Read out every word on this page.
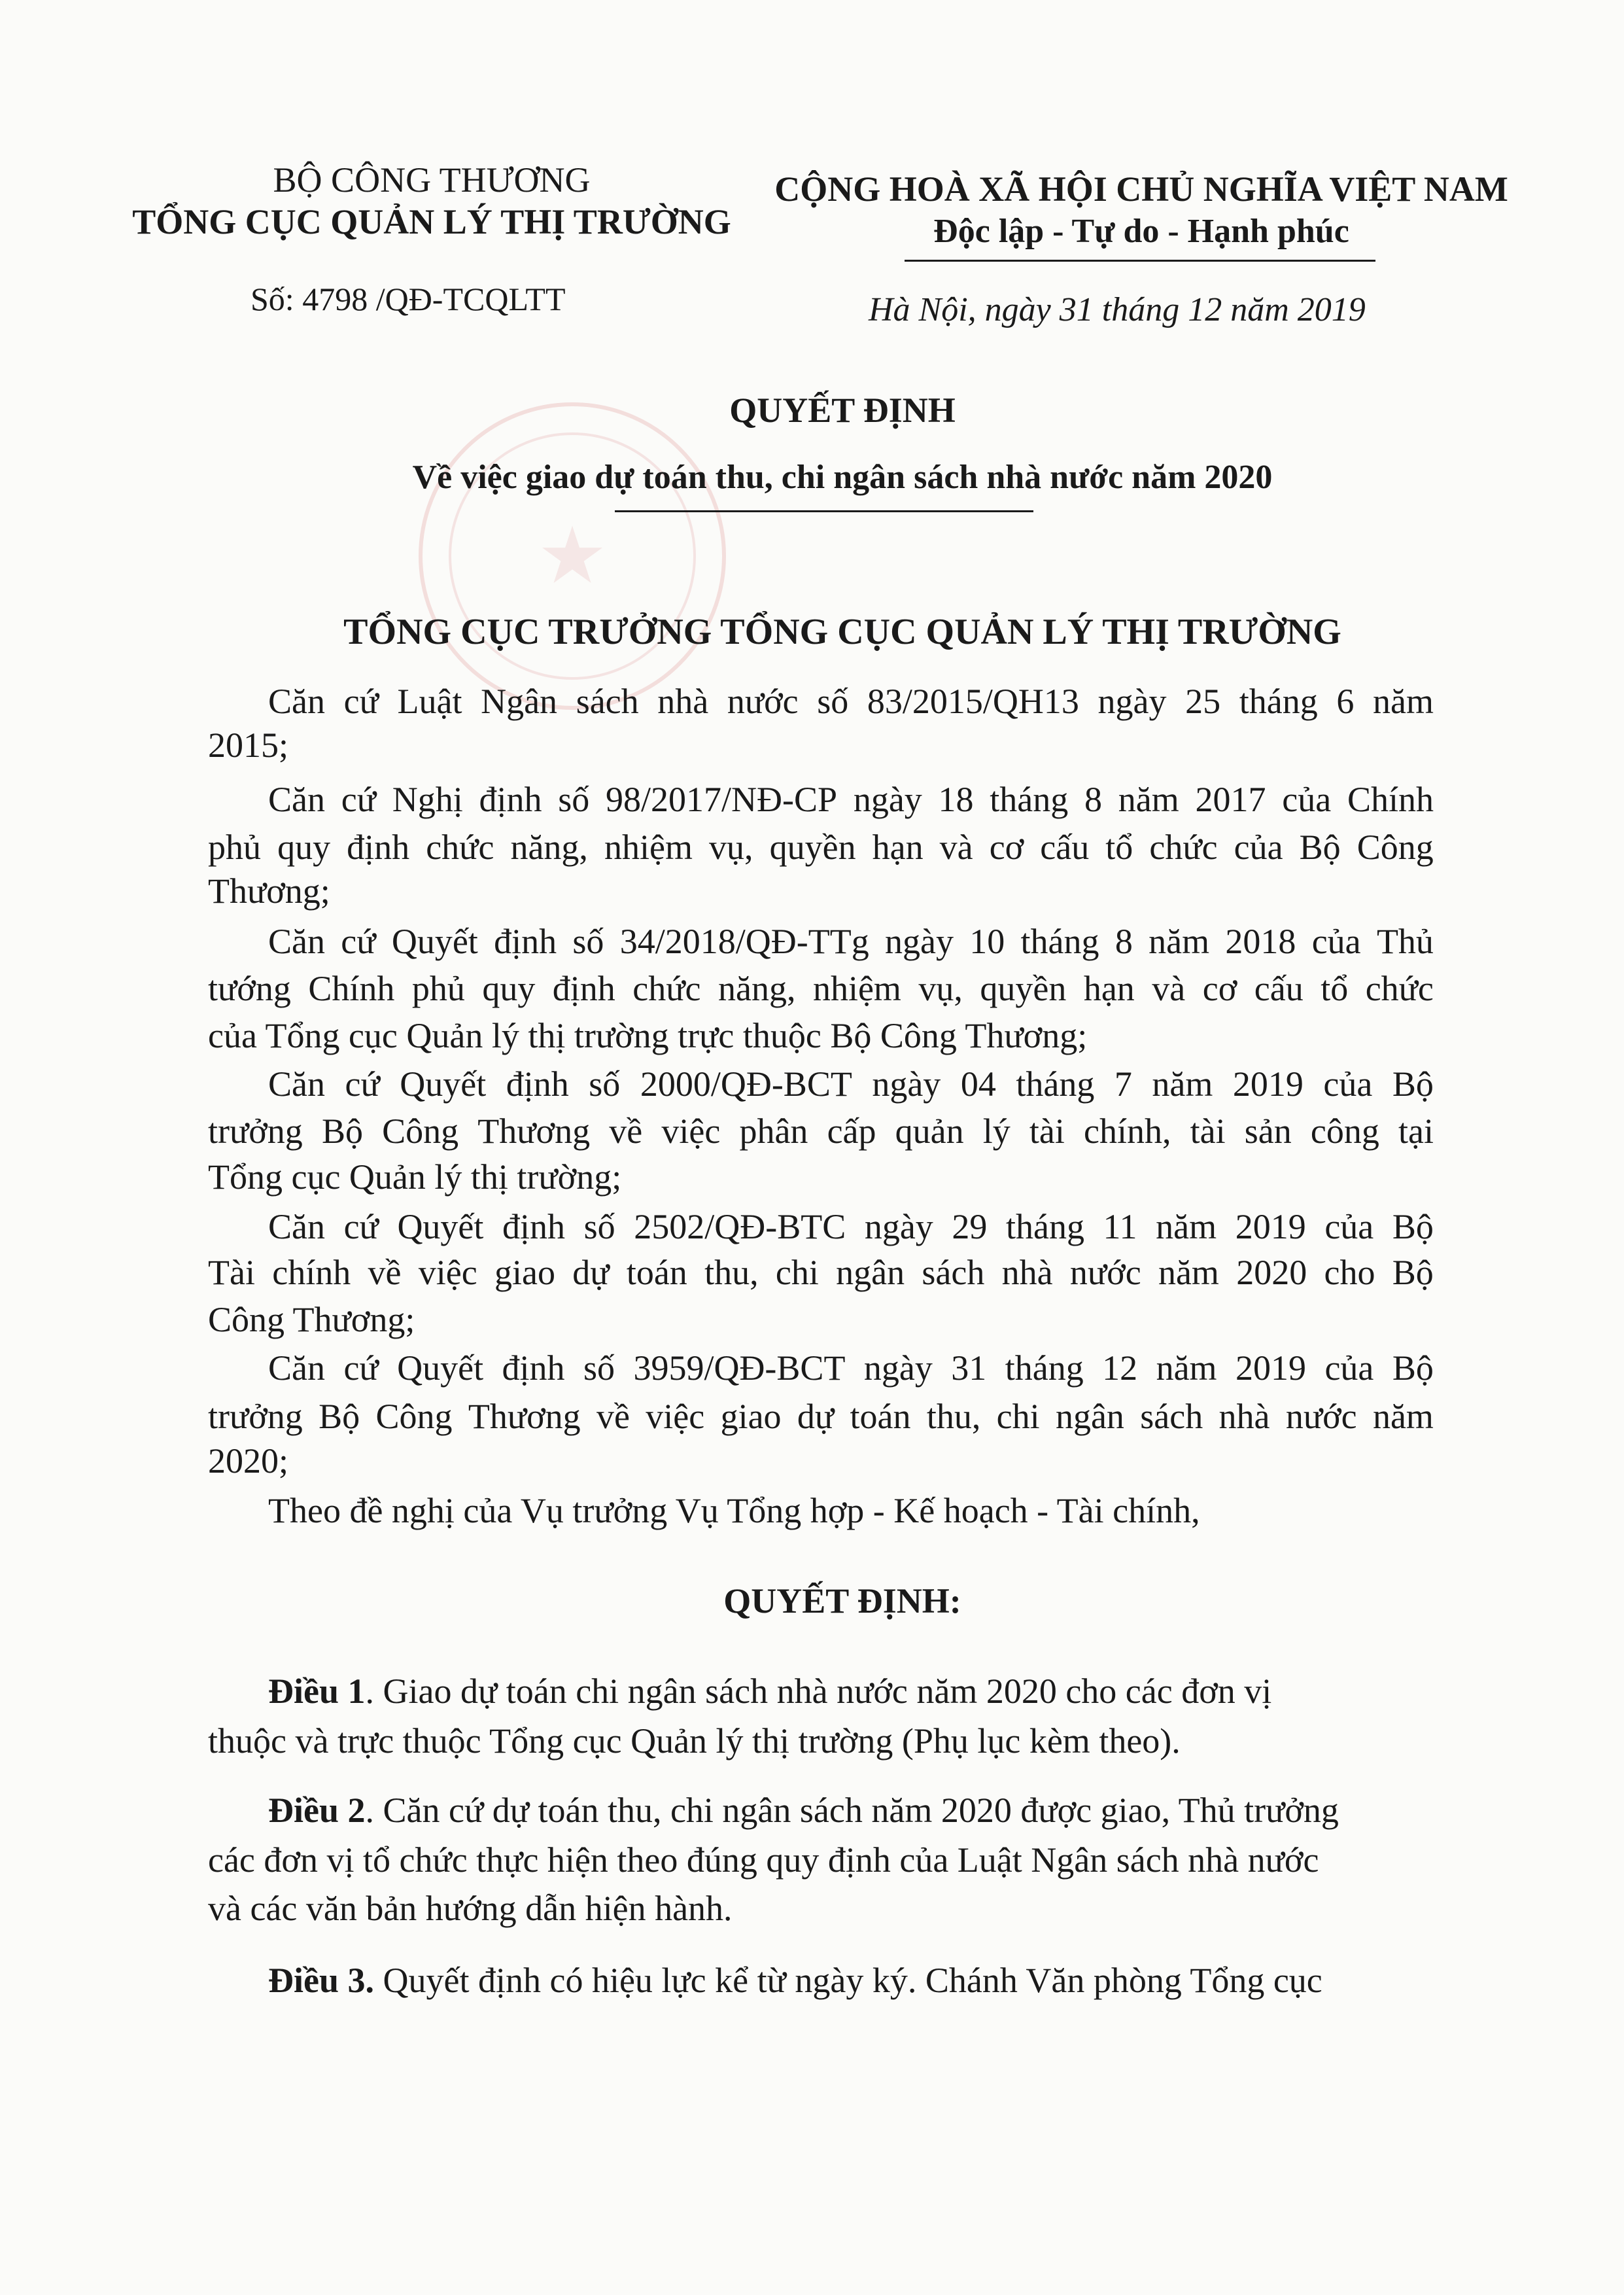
★
BỘ CÔNG THƯƠNG
TỔNG CỤC QUẢN LÝ THỊ TRƯỜNG
Số: 4798 /QĐ-TCQLTT
CỘNG HOÀ XÃ HỘI CHỦ NGHĨA VIỆT NAM
Độc lập - Tự do - Hạnh phúc
Hà Nội, ngày 31 tháng 12 năm 2019
QUYẾT ĐỊNH
Về việc giao dự toán thu, chi ngân sách nhà nước năm 2020
TỔNG CỤC TRƯỞNG TỔNG CỤC QUẢN LÝ THỊ TRƯỜNG
Căn cứ Luật Ngân sách nhà nước số 83/2015/QH13 ngày 25 tháng 6 năm
2015;
Căn cứ Nghị định số 98/2017/NĐ-CP ngày 18 tháng 8 năm 2017 của Chính
phủ quy định chức năng, nhiệm vụ, quyền hạn và cơ cấu tổ chức của Bộ Công
Thương;
Căn cứ Quyết định số 34/2018/QĐ-TTg ngày 10 tháng 8 năm 2018 của Thủ
tướng Chính phủ quy định chức năng, nhiệm vụ, quyền hạn và cơ cấu tổ chức
của Tổng cục Quản lý thị trường trực thuộc Bộ Công Thương;
Căn cứ Quyết định số 2000/QĐ-BCT ngày 04 tháng 7 năm 2019 của Bộ
trưởng Bộ Công Thương về việc phân cấp quản lý tài chính, tài sản công tại
Tổng cục Quản lý thị trường;
Căn cứ Quyết định số 2502/QĐ-BTC ngày 29 tháng 11 năm 2019 của Bộ
Tài chính về việc giao dự toán thu, chi ngân sách nhà nước năm 2020 cho Bộ
Công Thương;
Căn cứ Quyết định số 3959/QĐ-BCT ngày 31 tháng 12 năm 2019 của Bộ
trưởng Bộ Công Thương về việc giao dự toán thu, chi ngân sách nhà nước năm
2020;
Theo đề nghị của Vụ trưởng Vụ Tổng hợp - Kế hoạch - Tài chính,
QUYẾT ĐỊNH:
Điều 1. Giao dự toán chi ngân sách nhà nước năm 2020 cho các đơn vị
thuộc và trực thuộc Tổng cục Quản lý thị trường (Phụ lục kèm theo).
Điều 2. Căn cứ dự toán thu, chi ngân sách năm 2020 được giao, Thủ trưởng
các đơn vị tổ chức thực hiện theo đúng quy định của Luật Ngân sách nhà nước
và các văn bản hướng dẫn hiện hành.
Điều 3. Quyết định có hiệu lực kể từ ngày ký. Chánh Văn phòng Tổng cục
